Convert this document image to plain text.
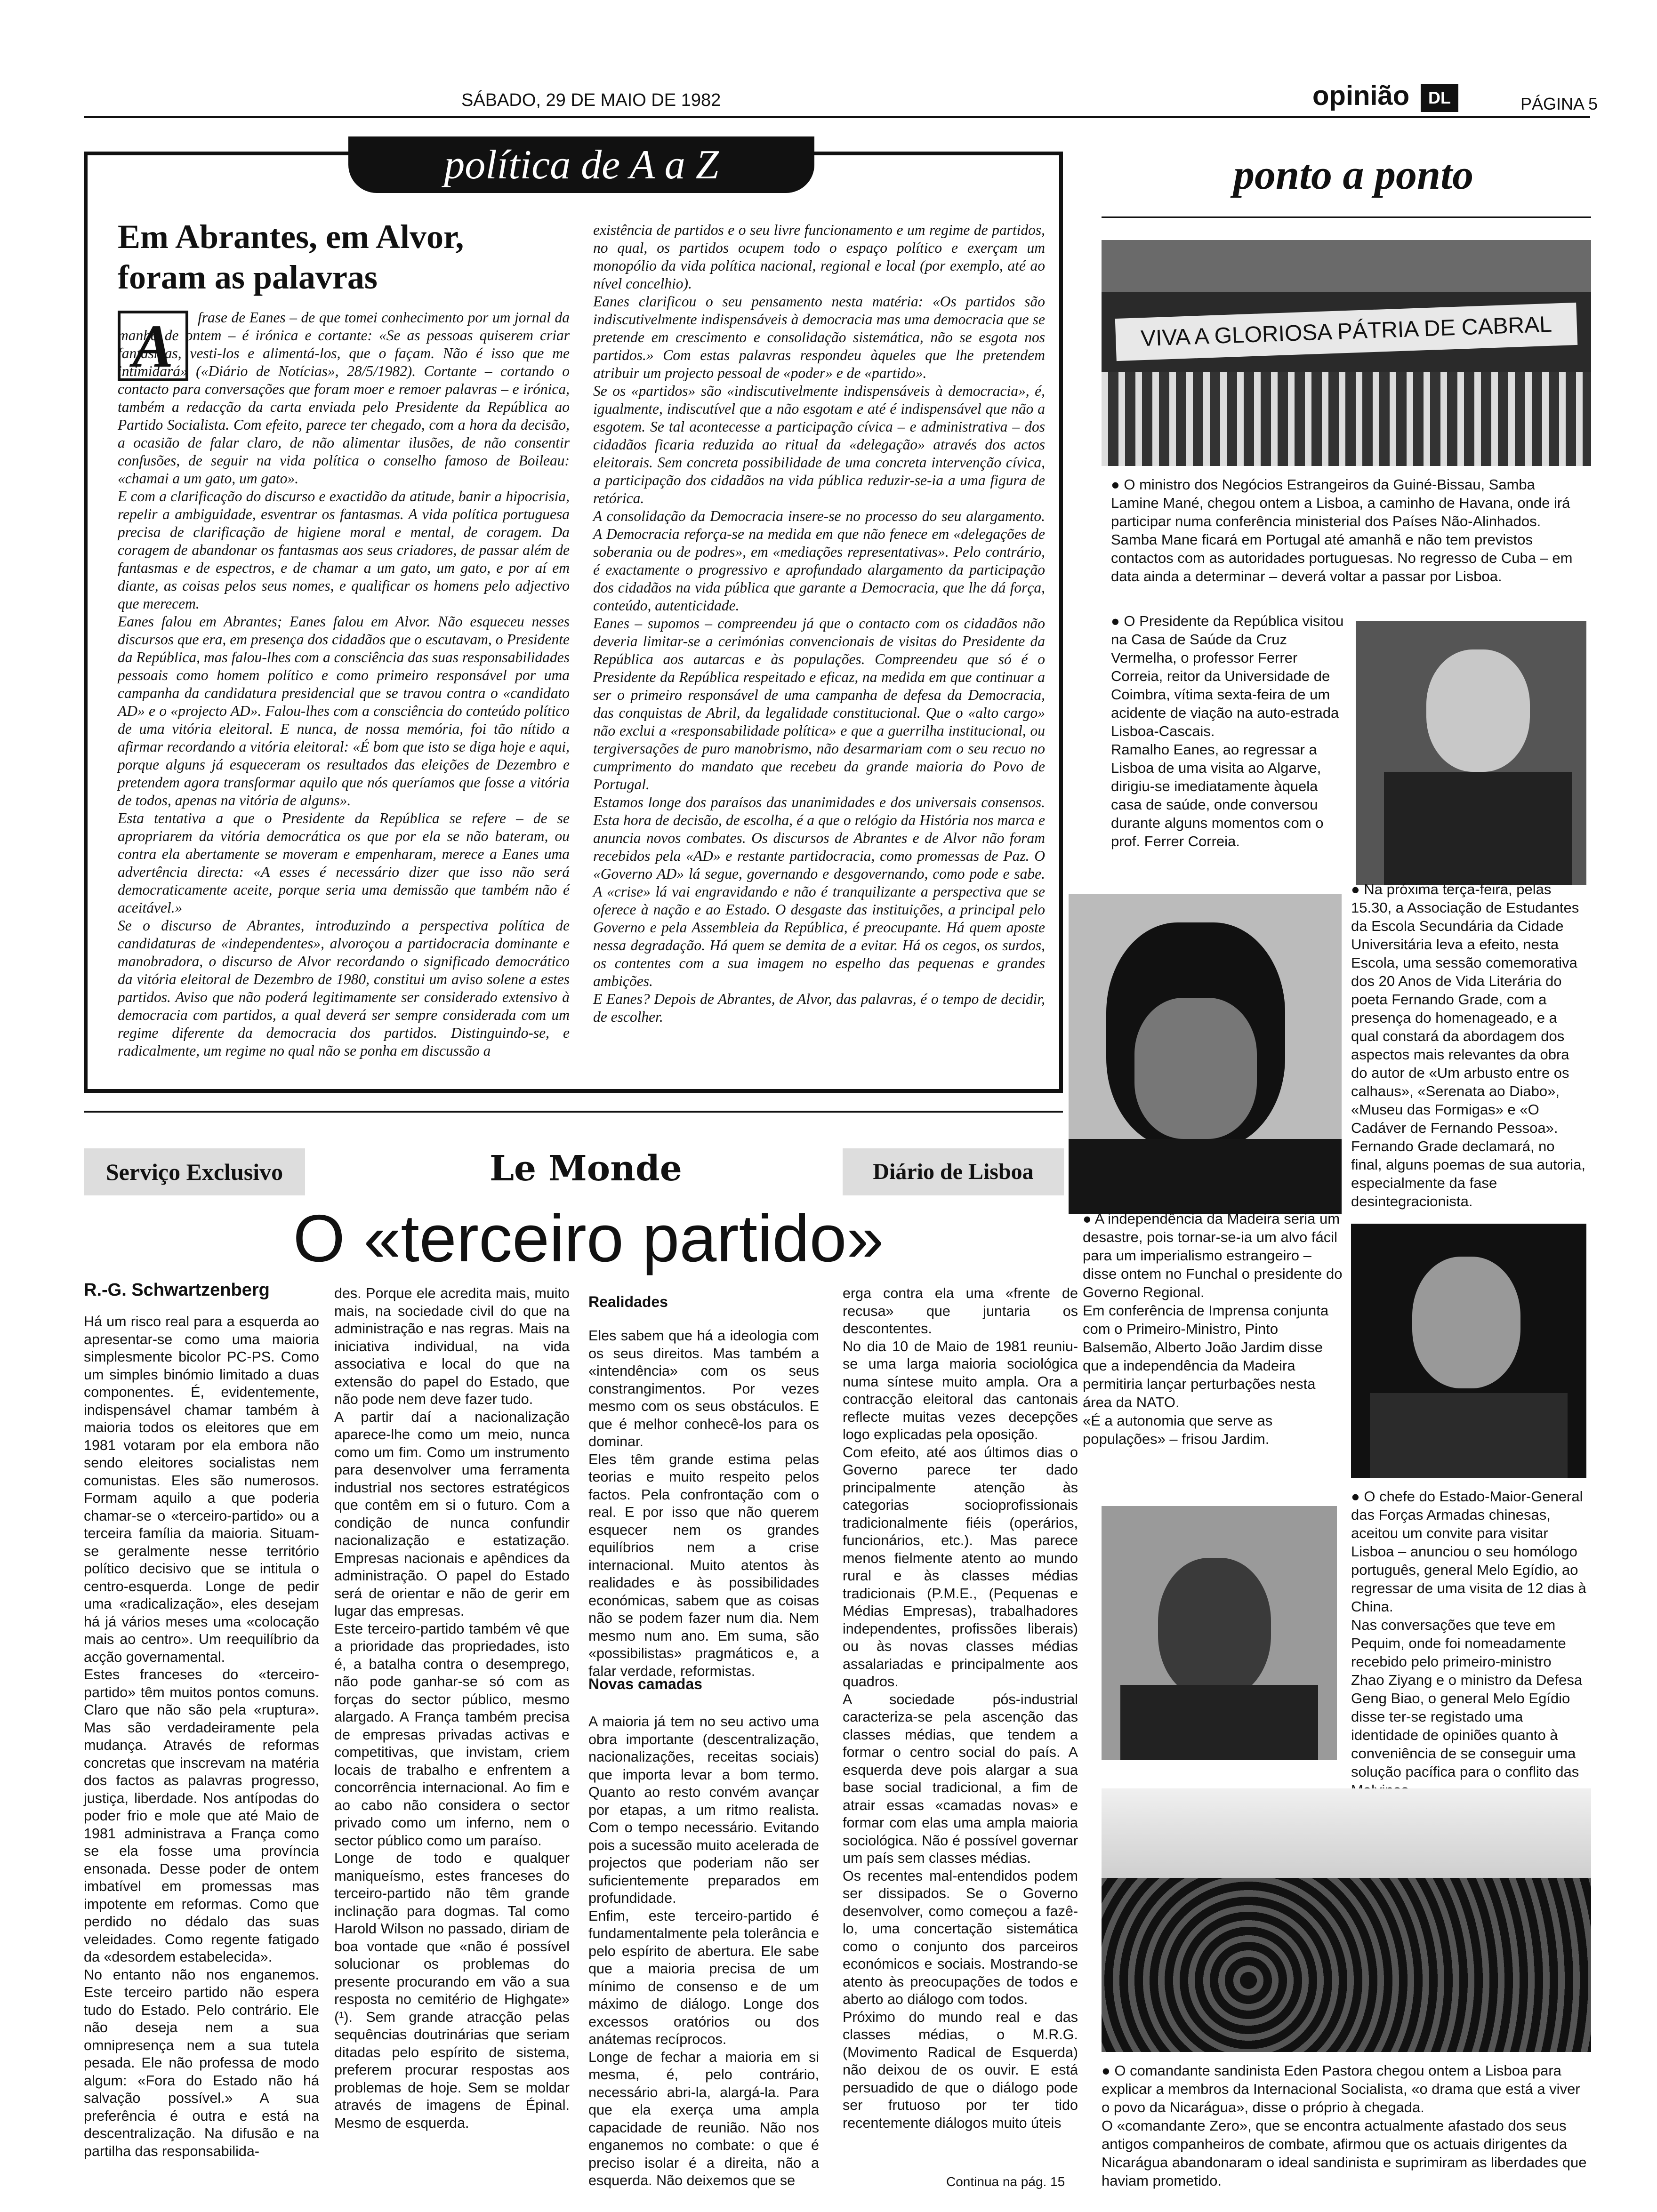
SÁBADO, 29 DE MAIO DE 1982	opinião	DL	PÁGINA 5
política de A a Z
Em Abrantes, em Alvor,
foram as palavras
A	frase de Eanes – de que tomei conhecimento por um jornal da manhã de ontem – é irónica e cortante: «Se as pessoas quiserem criar fantasmas, vesti-los e alimentá-los, que o façam. Não é isso que me intimidará» («Diário de Notícias», 28/5/1982). Cortante – cortando o contacto para conversações que foram moer e remoer palavras – e irónica, também a redacção da carta enviada pelo Presidente da República ao Partido Socialista. Com efeito, parece ter chegado, com a hora da decisão, a ocasião de falar claro, de não alimentar ilusões, de não consentir confusões, de seguir na vida política o conselho famoso de Boileau: «chamai a um gato, um gato».
E com a clarificação do discurso e exactidão da atitude, banir a hipocrisia, repelir a ambiguidade, esventrar os fantasmas. A vida política portuguesa precisa de clarificação de higiene moral e mental, de coragem. Da coragem de abandonar os fantasmas aos seus criadores, de passar além de fantasmas e de espectros, e de chamar a um gato, um gato, e por aí em diante, as coisas pelos seus nomes, e qualificar os homens pelo adjectivo que merecem.
Eanes falou em Abrantes; Eanes falou em Alvor. Não esqueceu nesses discursos que era, em presença dos cidadãos que o escutavam, o Presidente da República, mas falou-lhes com a consciência das suas responsabilidades pessoais como homem político e como primeiro responsável por uma campanha da candidatura presidencial que se travou contra o «candidato AD» e o «projecto AD». Falou-lhes com a consciência do conteúdo político de uma vitória eleitoral. E nunca, de nossa memória, foi tão nítido a afirmar recordando a vitória eleitoral: «É bom que isto se diga hoje e aqui, porque alguns já esqueceram os resultados das eleições de Dezembro e pretendem agora transformar aquilo que nós queríamos que fosse a vitória de todos, apenas na vitória de alguns».
Esta tentativa a que o Presidente da República se refere – de se apropriarem da vitória democrática os que por ela se não bateram, ou contra ela abertamente se moveram e empenharam, merece a Eanes uma advertência directa: «A esses é necessário dizer que isso não será democraticamente aceite, porque seria uma demissão que também não é aceitável.»
Se o discurso de Abrantes, introduzindo a perspectiva política de candidaturas de «independentes», alvoroçou a partidocracia dominante e manobradora, o discurso de Alvor recordando o significado democrático da vitória eleitoral de Dezembro de 1980, constitui um aviso solene a estes partidos. Aviso que não poderá legitimamente ser considerado extensivo à democracia com partidos, a qual deverá ser sempre considerada com um regime diferente da democracia dos partidos. Distinguindo-se, e radicalmente, um regime no qual não se ponha em discussão a
existência de partidos e o seu livre funcionamento e um regime de partidos, no qual, os partidos ocupem todo o espaço político e exerçam um monopólio da vida política nacional, regional e local (por exemplo, até ao nível concelhio).
Eanes clarificou o seu pensamento nesta matéria: «Os partidos são indiscutivelmente indispensáveis à democracia mas uma democracia que se pretende em crescimento e consolidação sistemática, não se esgota nos partidos.» Com estas palavras respondeu àqueles que lhe pretendem atribuir um projecto pessoal de «poder» e de «partido».
Se os «partidos» são «indiscutivelmente indispensáveis à democracia», é, igualmente, indiscutível que a não esgotam e até é indispensável que não a esgotem. Se tal acontecesse a participação cívica – e administrativa – dos cidadãos ficaria reduzida ao ritual da «delegação» através dos actos eleitorais. Sem concreta possibilidade de uma concreta intervenção cívica, a participação dos cidadãos na vida pública reduzir-se-ia a uma figura de retórica.
A consolidação da Democracia insere-se no processo do seu alargamento. A Democracia reforça-se na medida em que não fenece em «delegações de soberania ou de podres», em «mediações representativas». Pelo contrário, é exactamente o progressivo e aprofundado alargamento da participação dos cidadãos na vida pública que garante a Democracia, que lhe dá força, conteúdo, autenticidade.
Eanes – supomos – compreendeu já que o contacto com os cidadãos não deveria limitar-se a cerimónias convencionais de visitas do Presidente da República aos autarcas e às populações. Compreendeu que só é o Presidente da República respeitado e eficaz, na medida em que continuar a ser o primeiro responsável de uma campanha de defesa da Democracia, das conquistas de Abril, da legalidade constitucional. Que o «alto cargo» não exclui a «responsabilidade política» e que a guerrilha institucional, ou tergiversações de puro manobrismo, não desarmariam com o seu recuo no cumprimento do mandato que recebeu da grande maioria do Povo de Portugal.
Estamos longe dos paraísos das unanimidades e dos universais consensos. Esta hora de decisão, de escolha, é a que o relógio da História nos marca e anuncia novos combates. Os discursos de Abrantes e de Alvor não foram recebidos pela «AD» e restante partidocracia, como promessas de Paz. O «Governo AD» lá segue, governando e desgovernando, como pode e sabe. A «crise» lá vai engravidando e não é tranquilizante a perspectiva que se oferece à nação e ao Estado. O desgaste das instituições, a principal pelo Governo e pela Assembleia da República, é preocupante. Há quem aposte nessa degradação. Há quem se demita de a evitar. Há os cegos, os surdos, os contentes com a sua imagem no espelho das pequenas e grandes ambições.
E Eanes? Depois de Abrantes, de Alvor, das palavras, é o tempo de decidir, de escolher.
Serviço Exclusivo	Le Monde	Diário de Lisboa
O «terceiro partido»
R.-G. Schwartzenberg
Há um risco real para a esquerda ao apresentar-se como uma maioria simplesmente bicolor PC-PS. Como um simples binómio limitado a duas componentes. É, evidentemente, indispensável chamar também à maioria todos os eleitores que em 1981 votaram por ela embora não sendo eleitores socialistas nem comunistas. Eles são numerosos. Formam aquilo a que poderia chamar-se o «terceiro-partido» ou a terceira família da maioria. Situam-se geralmente nesse território político decisivo que se intitula o centro-esquerda. Longe de pedir uma «radicalização», eles desejam há já vários meses uma «colocação mais ao centro». Um reequilíbrio da acção governamental.
Estes franceses do «terceiro-partido» têm muitos pontos comuns. Claro que não são pela «ruptura». Mas são verdadeiramente pela mudança. Através de reformas concretas que inscrevam na matéria dos factos as palavras progresso, justiça, liberdade. Nos antípodas do poder frio e mole que até Maio de 1981 administrava a França como se ela fosse uma província ensonada. Desse poder de ontem imbatível em promessas mas impotente em reformas. Como que perdido no dédalo das suas veleidades. Como regente fatigado da «desordem estabelecida».
No entanto não nos enganemos. Este terceiro partido não espera tudo do Estado. Pelo contrário. Ele não deseja nem a sua omnipresença nem a sua tutela pesada. Ele não professa de modo algum: «Fora do Estado não há salvação possível.» A sua preferência é outra e está na descentralização. Na difusão e na partilha das responsabilida-
des. Porque ele acredita mais, muito mais, na sociedade civil do que na administração e nas regras. Mais na iniciativa individual, na vida associativa e local do que na extensão do papel do Estado, que não pode nem deve fazer tudo.
A partir daí a nacionalização aparece-lhe como um meio, nunca como um fim. Como um instrumento para desenvolver uma ferramenta industrial nos sectores estratégicos que contêm em si o futuro. Com a condição de nunca confundir nacionalização e estatização. Empresas nacionais e apêndices da administração. O papel do Estado será de orientar e não de gerir em lugar das empresas.
Este terceiro-partido também vê que a prioridade das propriedades, isto é, a batalha contra o desemprego, não pode ganhar-se só com as forças do sector público, mesmo alargado. A França também precisa de empresas privadas activas e competitivas, que invistam, criem locais de trabalho e enfrentem a concorrência internacional. Ao fim e ao cabo não considera o sector privado como um inferno, nem o sector público como um paraíso.
Longe de todo e qualquer maniqueísmo, estes franceses do terceiro-partido não têm grande inclinação para dogmas. Tal como Harold Wilson no passado, diriam de boa vontade que «não é possível solucionar os problemas do presente procurando em vão a sua resposta no cemitério de Highgate» (¹). Sem grande atracção pelas sequências doutrinárias que seriam ditadas pelo espírito de sistema, preferem procurar respostas aos problemas de hoje. Sem se moldar através de imagens de Épinal. Mesmo de esquerda.
Realidades
Eles sabem que há a ideologia com os seus direitos. Mas também a «intendência» com os seus constrangimentos. Por vezes mesmo com os seus obstáculos. E que é melhor conhecê-los para os dominar.
Eles têm grande estima pelas teorias e muito respeito pelos factos. Pela confrontação com o real. E por isso que não querem esquecer nem os grandes equilíbrios nem a crise internacional. Muito atentos às realidades e às possibilidades económicas, sabem que as coisas não se podem fazer num dia. Nem mesmo num ano. Em suma, são «possibilistas» pragmáticos e, a falar verdade, reformistas.
Novas camadas
A maioria já tem no seu activo uma obra importante (descentralização, nacionalizações, receitas sociais) que importa levar a bom termo. Quanto ao resto convém avançar por etapas, a um ritmo realista. Com o tempo necessário. Evitando pois a sucessão muito acelerada de projectos que poderiam não ser suficientemente preparados em profundidade.
Enfim, este terceiro-partido é fundamentalmente pela tolerância e pelo espírito de abertura. Ele sabe que a maioria precisa de um mínimo de consenso e de um máximo de diálogo. Longe dos excessos oratórios ou dos anátemas recíprocos.
Longe de fechar a maioria em si mesma, é, pelo contrário, necessário abri-la, alargá-la. Para que ela exerça uma ampla capacidade de reunião. Não nos enganemos no combate: o que é preciso isolar é a direita, não a esquerda. Não deixemos que se
erga contra ela uma «frente de recusa» que juntaria os descontentes.
No dia 10 de Maio de 1981 reuniu-se uma larga maioria sociológica numa síntese muito ampla. Ora a contracção eleitoral das cantonais reflecte muitas vezes decepções logo explicadas pela oposição.
Com efeito, até aos últimos dias o Governo parece ter dado principalmente atenção às categorias socioprofissionais tradicionalmente fiéis (operários, funcionários, etc.). Mas parece menos fielmente atento ao mundo rural e às classes médias tradicionais (P.M.E., (Pequenas e Médias Empresas), trabalhadores independentes, profissões liberais) ou às novas classes médias assalariadas e principalmente aos quadros.
A sociedade pós-industrial caracteriza-se pela ascenção das classes médias, que tendem a formar o centro social do país. A esquerda deve pois alargar a sua base social tradicional, a fim de atrair essas «camadas novas» e formar com elas uma ampla maioria sociológica. Não é possível governar um país sem classes médias.
Os recentes mal-entendidos podem ser dissipados. Se o Governo desenvolver, como começou a fazê-lo, uma concertação sistemática como o conjunto dos parceiros económicos e sociais. Mostrando-se atento às preocupações de todos e aberto ao diálogo com todos.
Próximo do mundo real e das classes médias, o M.R.G. (Movimento Radical de Esquerda) não deixou de os ouvir. E está persuadido de que o diálogo pode ser frutuoso por ter tido recentemente diálogos muito úteis
Continua na pág. 15
ponto a ponto
VIVA A GLORIOSA PÁTRIA DE CABRAL
● O ministro dos Negócios Estrangeiros da Guiné-Bissau, Samba Lamine Mané, chegou ontem a Lisboa, a caminho de Havana, onde irá participar numa conferência ministerial dos Países Não-Alinhados.
Samba Mane ficará em Portugal até amanhã e não tem previstos contactos com as autoridades portuguesas. No regresso de Cuba – em data ainda a determinar – deverá voltar a passar por Lisboa.
● O Presidente da República visitou na Casa de Saúde da Cruz Vermelha, o professor Ferrer Correia, reitor da Universidade de Coimbra, vítima sexta-feira de um acidente de viação na auto-estrada Lisboa-Cascais.
Ramalho Eanes, ao regressar a Lisboa de uma visita ao Algarve, dirigiu-se imediatamente àquela casa de saúde, onde conversou durante alguns momentos com o prof. Ferrer Correia.
● Na próxima terça-feira, pelas 15.30, a Associação de Estudantes da Escola Secundária da Cidade Universitária leva a efeito, nesta Escola, uma sessão comemorativa dos 20 Anos de Vida Literária do poeta Fernando Grade, com a presença do homenageado, e a qual constará da abordagem dos aspectos mais relevantes da obra do autor de «Um arbusto entre os calhaus», «Serenata ao Diabo», «Museu das Formigas» e «O Cadáver de Fernando Pessoa».
Fernando Grade declamará, no final, alguns poemas de sua autoria, especialmente da fase desintegracionista.
● A independência da Madeira seria um desastre, pois tornar-se-ia um alvo fácil para um imperialismo estrangeiro – disse ontem no Funchal o presidente do Governo Regional.
Em conferência de Imprensa conjunta com o Primeiro-Ministro, Pinto Balsemão, Alberto João Jardim disse que a independência da Madeira permitiria lançar perturbações nesta área da NATO.
«É a autonomia que serve as populações» – frisou Jardim.
● O chefe do Estado-Maior-General das Forças Armadas chinesas, aceitou um convite para visitar Lisboa – anunciou o seu homólogo português, general Melo Egídio, ao regressar de uma visita de 12 dias à China.
Nas conversações que teve em Pequim, onde foi nomeadamente recebido pelo primeiro-ministro Zhao Ziyang e o ministro da Defesa Geng Biao, o general Melo Egídio disse ter-se registado uma identidade de opiniões quanto à conveniência de se conseguir uma solução pacífica para o conflito das
● O comandante sandinista Eden Pastora chegou ontem a Lisboa para explicar a membros da Internacional Socialista, «o drama que está a viver o povo da Nicarágua», disse o próprio à chegada.
O «comandante Zero», que se encontra actualmente afastado dos seus antigos companheiros de combate, afirmou que os actuais dirigentes da Nicarágua abandonaram o ideal sandinista e suprimiram as liberdades que haviam prometido.
